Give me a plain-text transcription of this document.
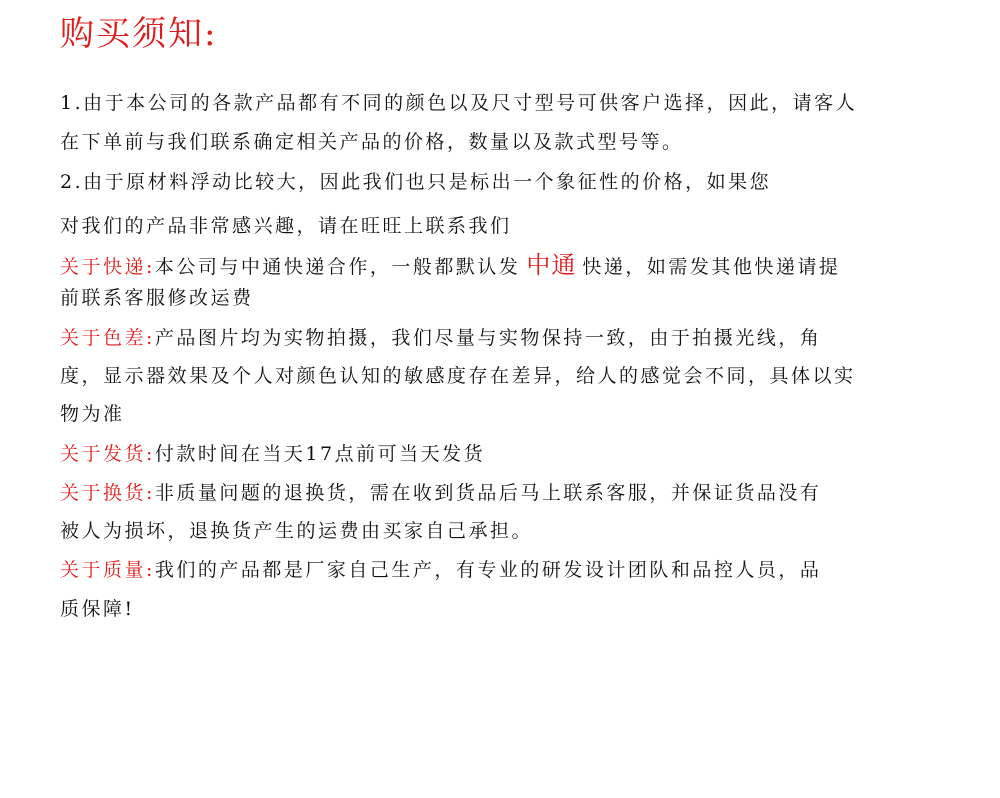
购买须知:
1.由于本公司的各款产品都有不同的颜色以及尺寸型号可供客户选择，因此，请客人
在下单前与我们联系确定相关产品的价格，数量以及款式型号等。
2.由于原材料浮动比较大，因此我们也只是标出一个象征性的价格，如果您
对我们的产品非常感兴趣，请在旺旺上联系我们
关于快递:本公司与中通快递合作，一般都默认发 中通 快递，如需发其他快递请提
前联系客服修改运费
关于色差:产品图片均为实物拍摄，我们尽量与实物保持一致，由于拍摄光线，角
度，显示器效果及个人对颜色认知的敏感度存在差异，给人的感觉会不同，具体以实
物为准
关于发货:付款时间在当天17点前可当天发货
关于换货:非质量问题的退换货，需在收到货品后马上联系客服，并保证货品没有
被人为损坏，退换货产生的运费由买家自己承担。
关于质量:我们的产品都是厂家自己生产，有专业的研发设计团队和品控人员，品
质保障!
